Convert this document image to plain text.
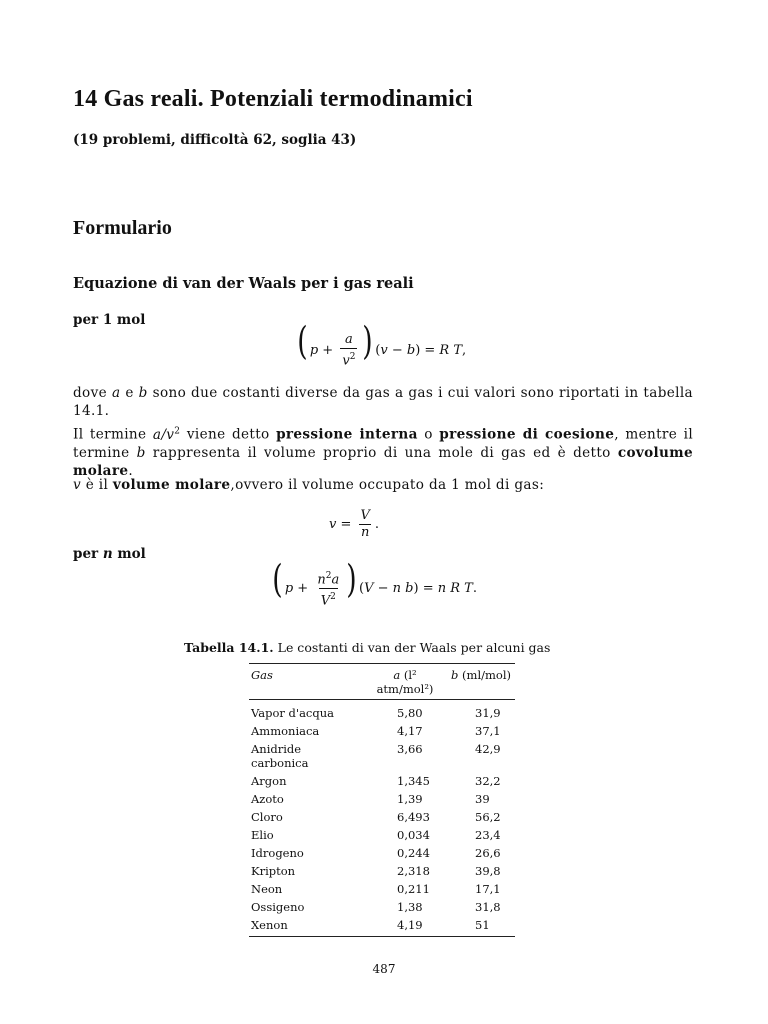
14 Gas reali. Potenziali termodinamici
(19 problemi, difficoltà 62, soglia 43)
Formulario
Equazione di van der Waals per i gas reali
per 1 mol	( $p + \frac{a}{v^2}$ ) (v − b) = R T,
dove a e b sono due costanti diverse da gas a gas i cui valori sono riportati in tabella 14.1.
Il termine $a/v^2$ viene detto pressione interna o pressione di coesione, mentre il termine b rappresenta il volume proprio di una mole di gas ed è detto covolume molare.
v è il volume molare,ovvero il volume occupato da 1 mol di gas:
$v = \frac{V}{n}$ .
per n mol
( $p + \frac{n^2a}{V^2}$ ) (V − n b) = n R T.
Tabella 14.1. Le costanti di van der Waals per alcuni gas
Gas	a (l² atm/mol²)	b (ml/mol)
Vapor d'acqua	5,80	31,9
Ammoniaca	4,17	37,1
Anidride carbonica	3,66	42,9
Argon	1,345	32,2
Azoto	1,39	39
Cloro	6,493	56,2
Elio	0,034	23,4
Idrogeno	0,244	26,6
Kripton	2,318	39,8
Neon	0,211	17,1
Ossigeno	1,38	31,8
Xenon	4,19	51
487
